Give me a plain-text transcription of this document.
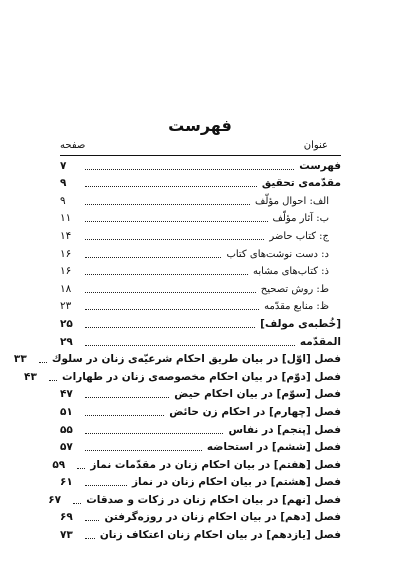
فهرست
عنوان
صفحه
فهرست
۷
مقدّمه‌ی تحقیق
۹
الف: احوال مؤلّف
۹
ب: آثار مؤلّف
۱۱
ج: کتاب حاضر
۱۴
د: دست نوشت‌های کتاب
۱۶
ذ: کتاب‌های مشابه
۱۶
ط: روش تصحیح
۱۸
ظ: منابع مقدّمه
۲۳
[خُطبه‌ی مولف]
۲۵
المقدّمه
۲۹
فصل [اوّل] در بیان طریق احکام شرعیّه‌ی زنان در سلوك
۳۳
فصل [دوّم] در بیان احکام مخصوصه‌ی زنان در طهارات
۴۳
فصل [سوّم] در بیان احکام حیض
۴۷
فصل [چهارم] در احکام زن حائض
۵۱
فصل [پنجم] در نفاس
۵۵
فصل [ششم] در استحاضه
۵۷
فصل [هفتم] در بیان احکام زنان در مقدّمات نماز
۵۹
فصل [هشتم] در بیان احکام زنان در نماز
۶۱
فصل [نهم] در بیان احکام زنان در زکات و صدقات
۶۷
فصل [دهم] در بیان احکام زنان در روزه‌گرفتن
۶۹
فصل [یازدهم] در بیان احکام زنان اعتکاف زنان
۷۳
